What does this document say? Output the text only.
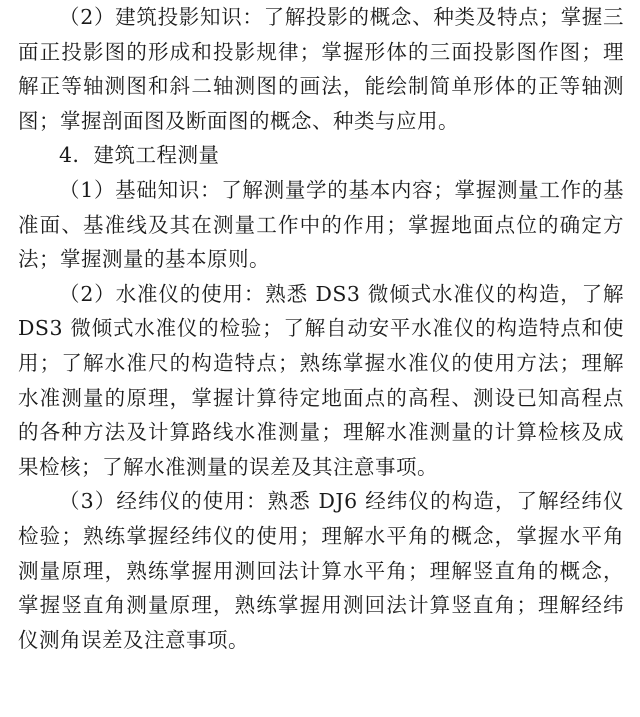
（2）建筑投影知识：了解投影的概念、种类及特点；掌握三面正投影图的形成和投影规律；掌握形体的三面投影图作图；理解正等轴测图和斜二轴测图的画法，能绘制简单形体的正等轴测图；掌握剖面图及断面图的概念、种类与应用。

4．建筑工程测量

（1）基础知识：了解测量学的基本内容；掌握测量工作的基准面、基准线及其在测量工作中的作用；掌握地面点位的确定方法；掌握测量的基本原则。

（2）水准仪的使用：熟悉 DS3 微倾式水准仪的构造，了解 DS3 微倾式水准仪的检验；了解自动安平水准仪的构造特点和使用；了解水准尺的构造特点；熟练掌握水准仪的使用方法；理解水准测量的原理，掌握计算待定地面点的高程、测设已知高程点的各种方法及计算路线水准测量；理解水准测量的计算检核及成果检核；了解水准测量的误差及其注意事项。

（3）经纬仪的使用：熟悉 DJ6 经纬仪的构造，了解经纬仪检验；熟练掌握经纬仪的使用；理解水平角的概念，掌握水平角测量原理，熟练掌握用测回法计算水平角；理解竖直角的概念，掌握竖直角测量原理，熟练掌握用测回法计算竖直角；理解经纬仪测角误差及注意事项。
